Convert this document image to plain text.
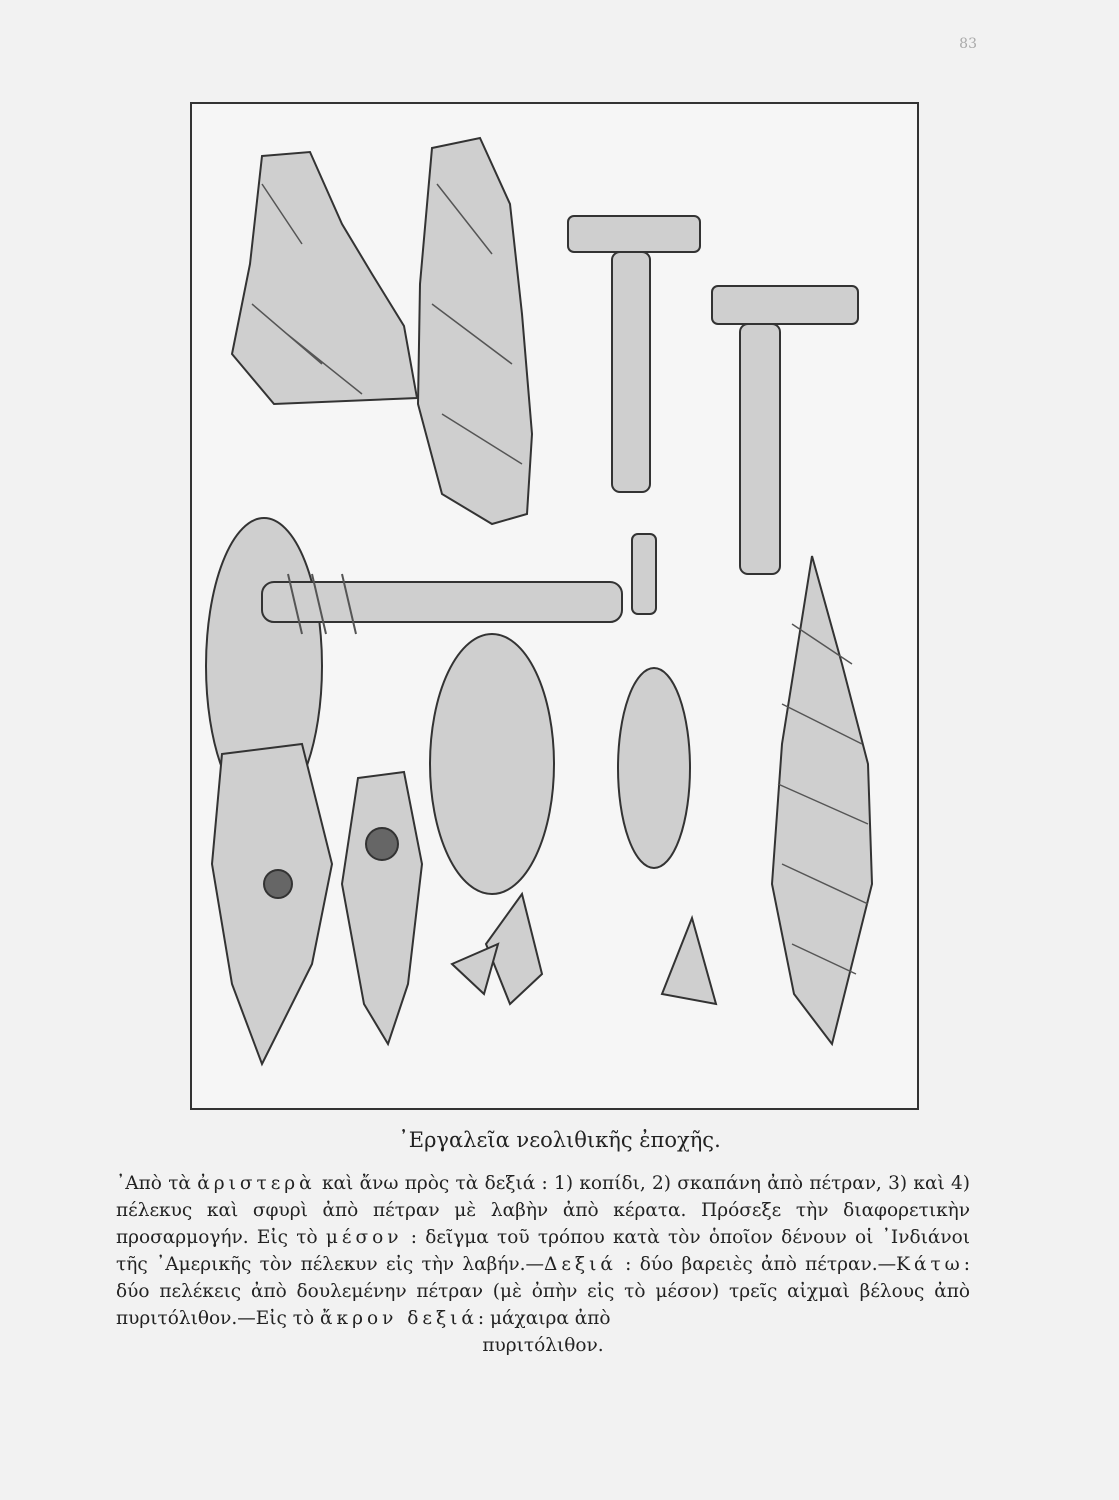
83
᾿Εργαλεῖα νεολιθικῆς ἐποχῆς.
᾿Απὸ τὰ ἀριστερὰ καὶ ἄνω πρὸς τὰ δεξιά : 1) κοπίδι, 2) σκαπάνη ἀπὸ πέτραν, 3) καὶ 4) πέλεκυς καὶ σφυρὶ ἀπὸ πέτραν μὲ λαβὴν ἀπὸ κέρατα. Πρόσεξε τὴν διαφορετικὴν προσαρμογήν. Εἰς τὸ μέσον : δεῖγμα τοῦ τρόπου κατὰ τὸν ὁποῖον δένουν οἱ ᾿Ινδιάνοι τῆς ᾿Αμερικῆς τὸν πέλεκυν εἰς τὴν λαβήν.—Δεξιά : δύο βαρειὲς ἀπὸ πέτραν.—Κάτω: δύο πελέκεις ἀπὸ δουλεμένην πέτραν (μὲ ὀπὴν εἰς τὸ μέσον) τρεῖς αἰχμαὶ βέλους ἀπὸ πυριτόλιθον.—Εἰς τὸ ἄκρον δεξιά: μάχαιρα ἀπὸ
πυριτόλιθον.
